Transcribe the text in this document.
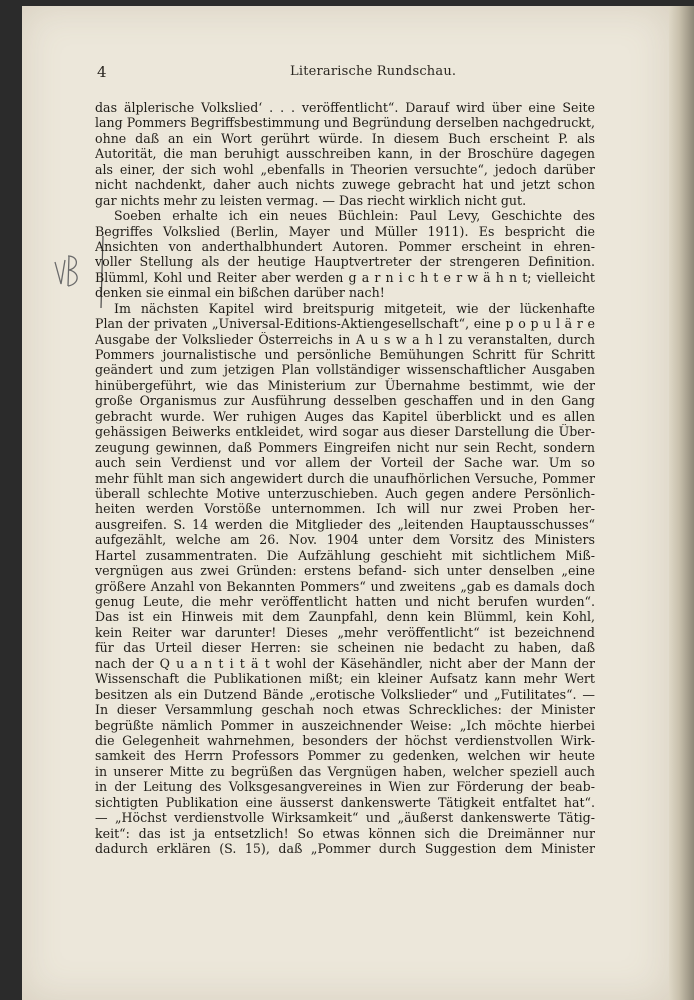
4	Literarische Rundschau.
das älplerische Volkslied‘ . . . veröffentlicht“. Darauf wird über eine Seite
lang Pommers Begriffsbestimmung und Begründung derselben nachgedruckt,
ohne daß an ein Wort gerührt würde. In diesem Buch erscheint P. als
Autorität, die man beruhigt ausschreiben kann, in der Broschüre dagegen
als einer, der sich wohl „ebenfalls in Theorien versuchte“, jedoch darüber
nicht nachdenkt, daher auch nichts zuwege gebracht hat und jetzt schon
gar nichts mehr zu leisten vermag. — Das riecht wirklich nicht gut.
Soeben erhalte ich ein neues Büchlein: Paul Levy, Geschichte des
Begriffes Volkslied (Berlin, Mayer und Müller 1911). Es bespricht die
Ansichten von anderthalbhundert Autoren. Pommer erscheint in ehren-
voller Stellung als der heutige Hauptvertreter der strengeren Definition.
Blümml, Kohl und Reiter aber werden g a r n i c h t e r w ä h n t; vielleicht
denken sie einmal ein bißchen darüber nach!
Im nächsten Kapitel wird breitspurig mitgeteit, wie der lückenhafte
Plan der privaten „Universal-Editions-Aktiengesellschaft“, eine p o p u l ä r e
Ausgabe der Volkslieder Österreichs in A u s w a h l zu veranstalten, durch
Pommers journalistische und persönliche Bemühungen Schritt für Schritt
geändert und zum jetzigen Plan vollständiger wissenschaftlicher Ausgaben
hinübergeführt, wie das Ministerium zur Übernahme bestimmt, wie der
große Organismus zur Ausführung desselben geschaffen und in den Gang
gebracht wurde. Wer ruhigen Auges das Kapitel überblickt und es allen
gehässigen Beiwerks entkleidet, wird sogar aus dieser Darstellung die Über-
zeugung gewinnen, daß Pommers Eingreifen nicht nur sein Recht, sondern
auch sein Verdienst und vor allem der Vorteil der Sache war. Um so
mehr fühlt man sich angewidert durch die unaufhörlichen Versuche, Pommer
überall schlechte Motive unterzuschieben. Auch gegen andere Persönlich-
heiten werden Vorstöße unternommen. Ich will nur zwei Proben her-
ausgreifen. S. 14 werden die Mitglieder des „leitenden Hauptausschusses“
aufgezählt, welche am 26. Nov. 1904 unter dem Vorsitz des Ministers
Hartel zusammentraten. Die Aufzählung geschieht mit sichtlichem Miß-
vergnügen aus zwei Gründen: erstens befand- sich unter denselben „eine
größere Anzahl von Bekannten Pommers“ und zweitens „gab es damals doch
genug Leute, die mehr veröffentlicht hatten und nicht berufen wurden“.
Das ist ein Hinweis mit dem Zaunpfahl, denn kein Blümml, kein Kohl,
kein Reiter war darunter! Dieses „mehr veröffentlicht“ ist bezeichnend
für das Urteil dieser Herren: sie scheinen nie bedacht zu haben, daß
nach der Q u a n t i t ä t wohl der Käsehändler, nicht aber der Mann der
Wissenschaft die Publikationen mißt; ein kleiner Aufsatz kann mehr Wert
besitzen als ein Dutzend Bände „erotische Volkslieder“ und „Futilitates“. —
In dieser Versammlung geschah noch etwas Schreckliches: der Minister
begrüßte nämlich Pommer in auszeichnender Weise: „Ich möchte hierbei
die Gelegenheit wahrnehmen, besonders der höchst verdienstvollen Wirk-
samkeit des Herrn Professors Pommer zu gedenken, welchen wir heute
in unserer Mitte zu begrüßen das Vergnügen haben, welcher speziell auch
in der Leitung des Volksgesangvereines in Wien zur Förderung der beab-
sichtigten Publikation eine äusserst dankenswerte Tätigkeit entfaltet hat“.
— „Höchst verdienstvolle Wirksamkeit“ und „äußerst dankenswerte Tätig-
keit“: das ist ja entsetzlich! So etwas können sich die Dreimänner nur
dadurch erklären (S. 15), daß „Pommer durch Suggestion dem Minister
